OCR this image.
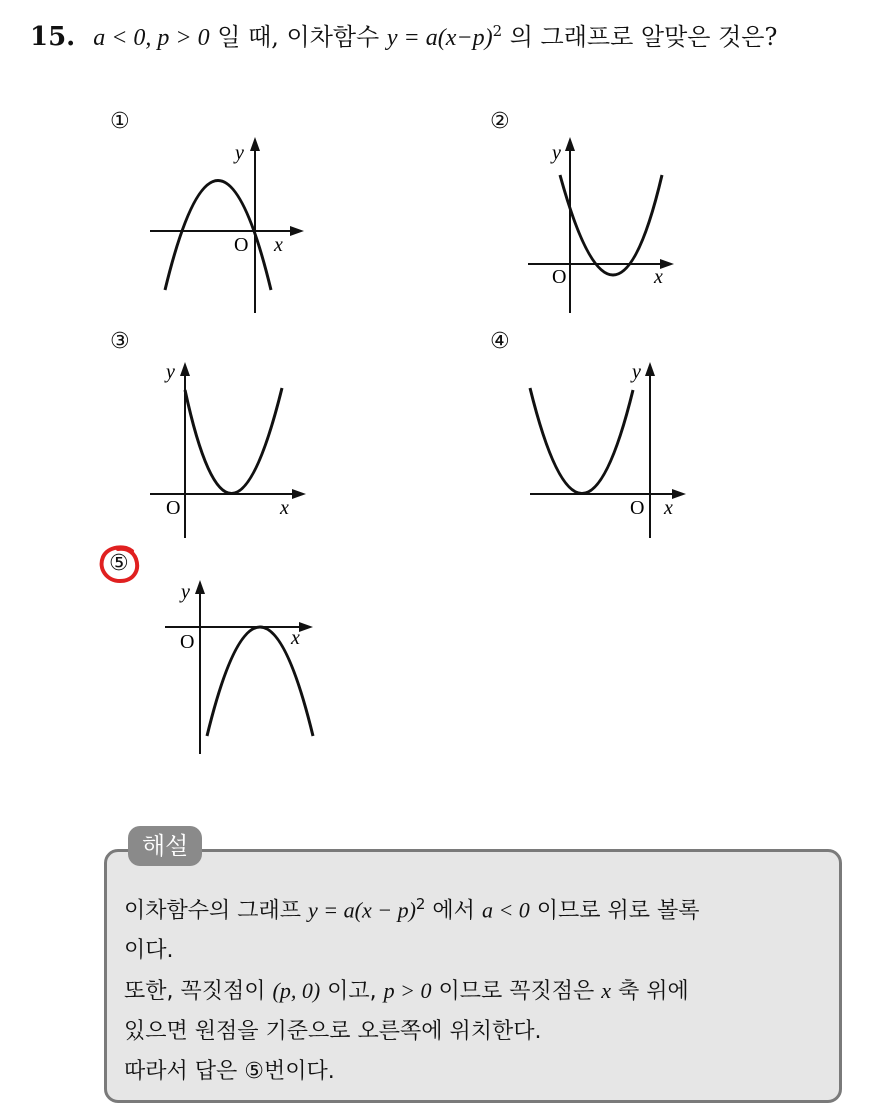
15. a < 0, p > 0 일 때, 이차함수 $y = a(x-p)^2$ 의 그래프로 알맞은 것은?
①	②
③	④
⑤
O x
y
O	x
y
O	x
y
O x
y
O	x
y
해설
이차함수의 그래프 $y = a(x - p)^2$ 에서 a < 0 이므로 위로 볼록
이다.
또한, 꼭짓점이 (p, 0) 이고, p > 0 이므로 꼭짓점은 x 축 위에
있으면 원점을 기준으로 오른쪽에 위치한다.
따라서 답은 ⑤번이다.
